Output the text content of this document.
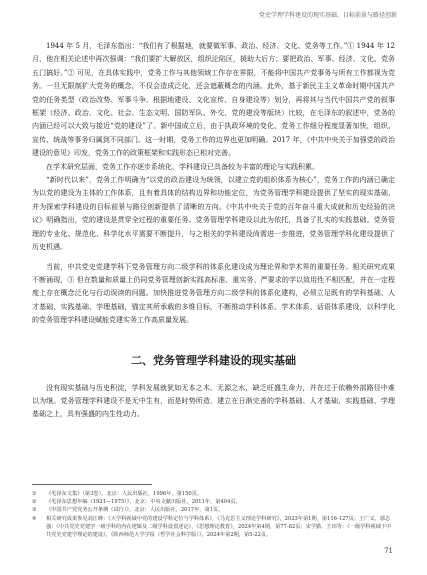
党史学理学科建设的现实基础、目标前景与路径创新

1944 年 5 月，毛泽东指出：“我们有了根据地，就要做军事、政治、经济、文化、党务等工作。”① 1944 年 12 月，他在相关论述中再次强调：“我们要扩大解放区，组织沦陷区，援助大后方；要把政治、军事、经济、文化、党务五门搞好。”② 可见，在具体实践中，党务工作与其他领域工作存在界限，不能将中国共产党事务与所有工作都视为党务。一旦无限制扩大党务的概念，不仅会造成泛化，还会遮蔽概念的内涵。此外，基于新民主主义革命时期中国共产党的任务类型（政治改势、军事斗争、根据地建设、文化宣传、自身建设等）划分，再将其与当代中国共产党的叙事框架（经济、政治、文化、社会、生态文明、国防军队、外交、党的建设等版块）比较，在毛泽东的叙述中，党务的内涵已经可以大致与接近“党的建设”了。新中国成立后，由于执政环境的变化，党务工作细分程度显著加快，组织、宣传、统战等事务归属到不同部门。这一时期，党务工作的边界也更加明确。2017 年，《中共中央关于加强党的政治建设的意见》印发，党务工作的政策框架和实践形态已相对完善。

在学术研究层面，党务工作亦逐步系统化，学科建设已具备较为丰富的理论与实践积累。

“新时代以来”，党务工作明确为“以党的政治建设为统领，以建立党的组织体系为核心”，党务工作的内涵已确定为以党的建设为主体的工作体系，且有着具体的结构边界和功能定位，为党务管理学科建设提供了坚实的现实基础，并为探索学科建设的目标前景与路径创新提供了清晰的方向。《中共中央关于党的百年奋斗重大成就和历史经验的决议》明确指出，党的建设是贯穿全过程的重要任务。党务管理学科建设以此为依托，具备了扎实的实践基础。党务管理的专业化、规范化、科学化水平需要不断提升，与之相关的学科建设尚需进一步推进，党务管理学科化建设提供了历史机遇。

当前，中共党史党建学科下党务管理方向二级学科的体系化建设成为理论界和学术界的重要任务。相关研究成果不断涌现，③ 但在数量和质量上仍同党务管理创新实践高标准、重实务、严要求的学以致用性不相匹配，并在一定程度上存在概念泛化与行动误读的问题。加快推进党务管理方向二级学科的体系化建构，必须立足既有的学科基础、人才基础、实践基础、学理基础，锚定其所承载的多维目标，不断推动学科体系、学术体系、话语体系建设，以科学化的党务管理学科建设赋能党建实务工作高质量发展。

二、党务管理学科建设的现实基础

没有现实基础与历史积淀，学科发展就犹如无本之木、无源之水，缺乏旺盛生命力，并在过于依赖外部路径中难以为继。党务管理学科建设不是无中生有，而是时势所造，建立在日渐完善的学科基础、人才基础、实践基础、学理基础之上，具有强盛的内生性动力。

①	《毛泽东文集》（第3卷），北京：人民出版社，1996年，第150页。
②	《毛泽东思想年编（1921—1975）》，北京：中央文献出版社，2011年，第404页。
③	《中国共产党党务公开条例（试行）》，北京：人民出版社，2017年，第1页。
④	相关研究成果参见刘江峰：《大学科视域中党的建设学科定位与学科体系》，《马克思主义理论学科研究》，2023年第1期，第116-127页；王广义、郭志强：《中共党史党建学一级学科的内在逻辑及二级学科设置述论》，《思想理论教育》，2024年第4期，第77-82页；宋学勤、王玮等：《一级学科视域下中共党史党建学理论的建设》，《陕西师范大学学报（哲学社会科学版）》，2024年第2期，第5-22页。
71
